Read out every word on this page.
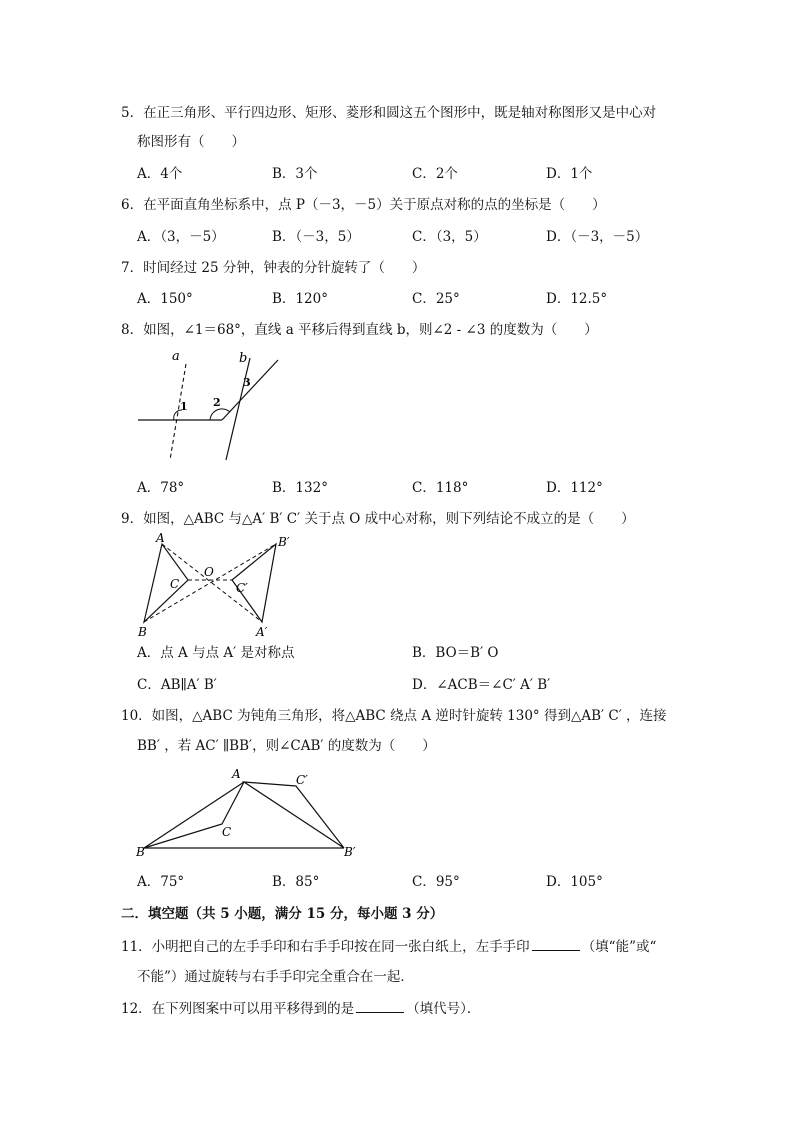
5．在正三角形、平行四边形、矩形、菱形和圆这五个图形中，既是轴对称图形又是中心对
称图形有（　　）
A．4个	B．3个	C．2个	D．1个
6．在平面直角坐标系中，点 P（－3，－5）关于原点对称的点的坐标是（　　）
A．（3，－5）	B．（－3，5）	C．（3，5）	D．（－3，－5）
7．时间经过 25 分钟，钟表的分针旋转了（　　）
A．150°	B．120°	C．25°	D．12.5°
8．如图，∠1＝68°，直线 a 平移后得到直线 b，则∠2 - ∠3 的度数为（　　）
a	b
1 2
3
A．78°	B．132°	C．118°	D．112°
9．如图，△ABC 与△A′ B′ C′ 关于点 O 成中心对称，则下列结论不成立的是（　　）
A
B
C
O
C′
B′
A′
A．点 A 与点 A′ 是对称点	B．BO＝B′ O
C．AB∥A′ B′	D．∠ACB＝∠C′ A′ B′
10．如图，△ABC 为钝角三角形，将△ABC 绕点 A 逆时针旋转 130° 得到△AB′ C′ ，连接
BB′ ，若 AC′ ∥BB′，则∠CAB′ 的度数为（　　）
A	C′
C
B	B′
A．75°	B．85°	C．95°	D．105°
二．填空题（共 5 小题，满分 15 分，每小题 3 分）
11．小明把自己的左手手印和右手手印按在同一张白纸上，左手手印	（填“能”或“
不能”）通过旋转与右手手印完全重合在一起．
12．在下列图案中可以用平移得到的是	（填代号）．
